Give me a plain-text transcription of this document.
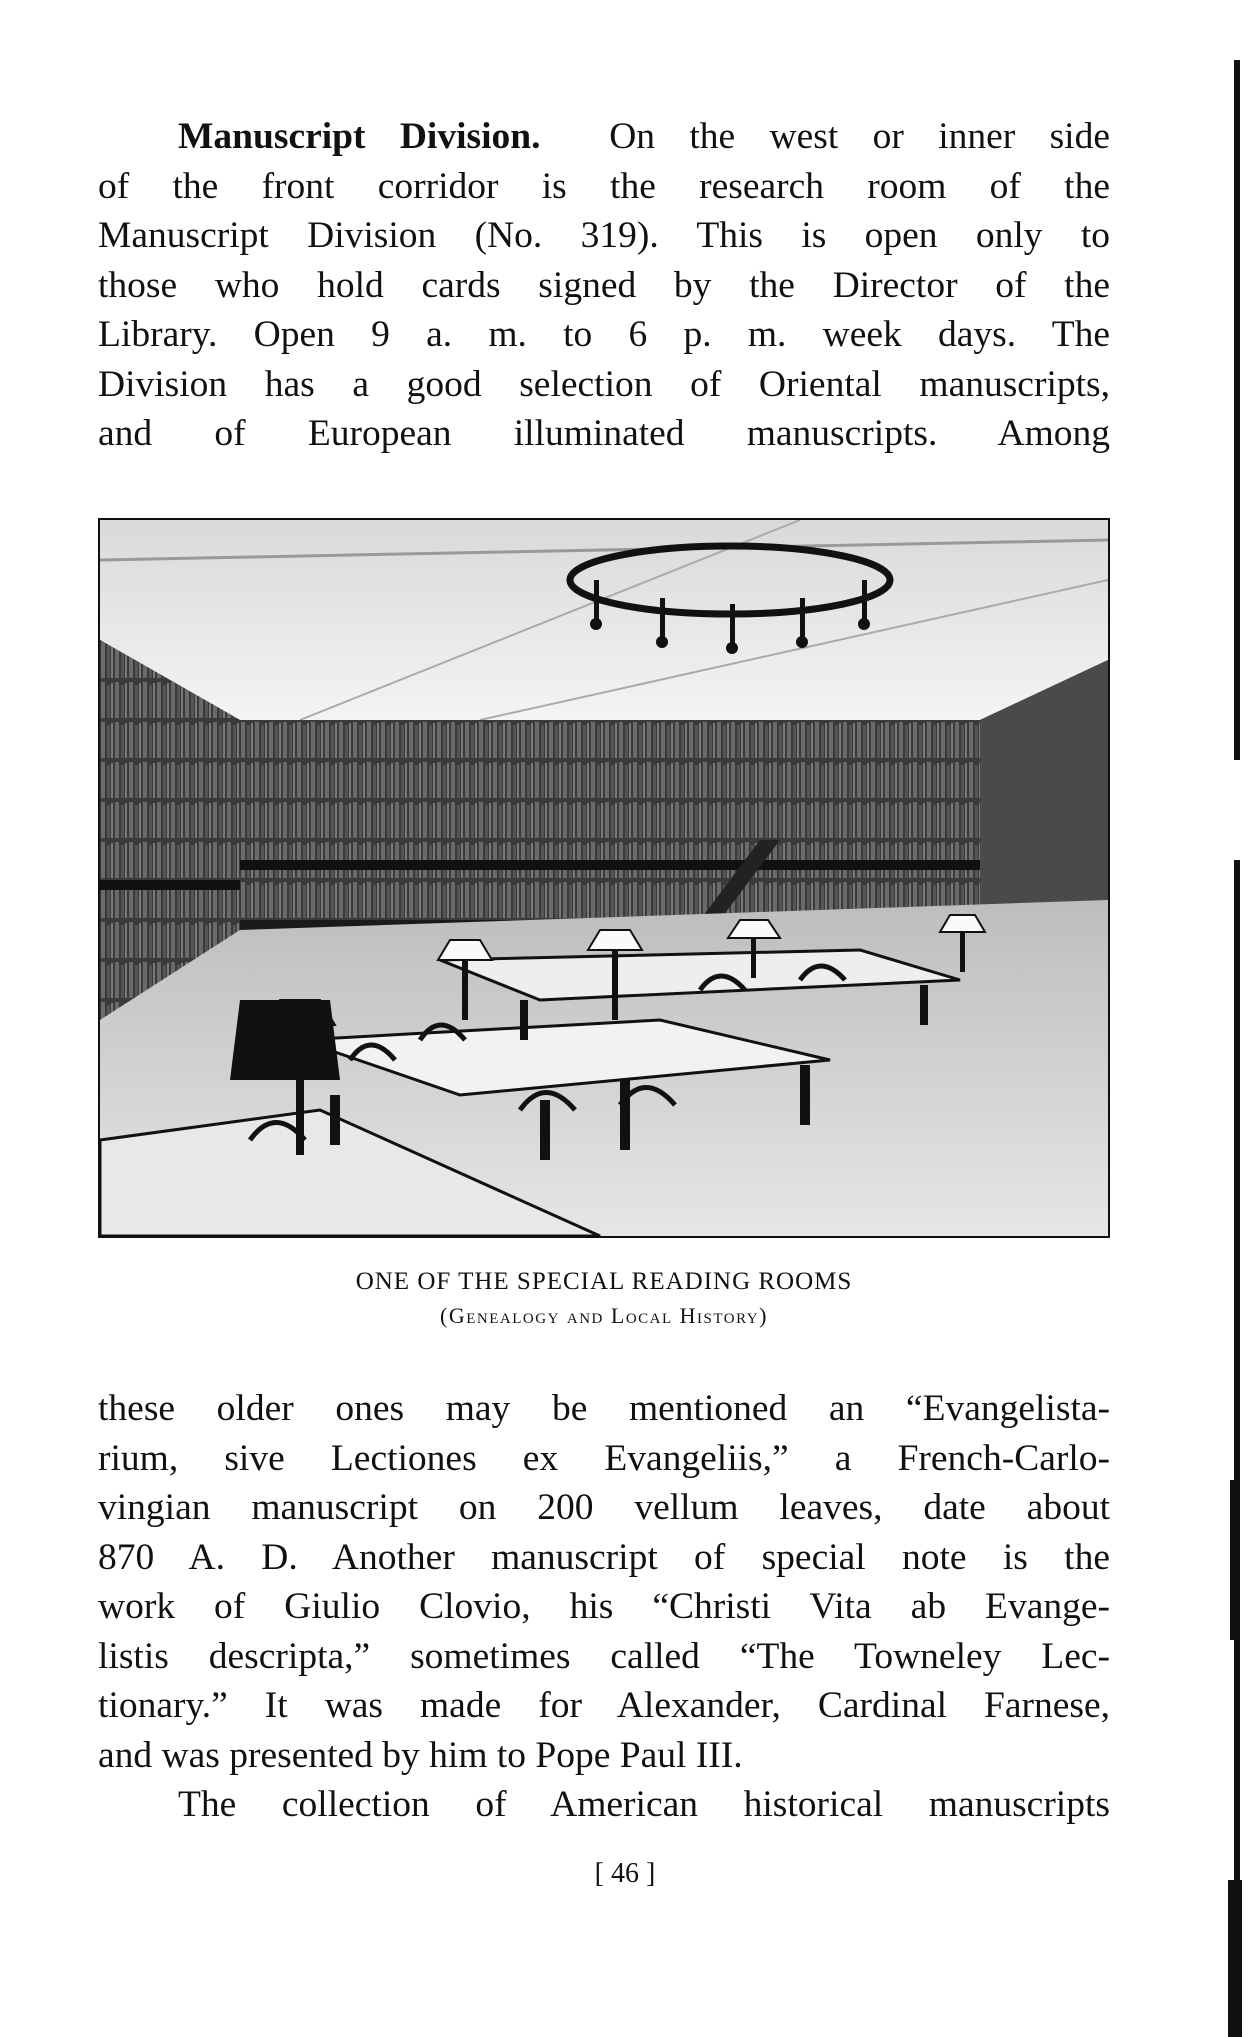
Manuscript Division. On the west or inner side
of the front corridor is the research room of the
Manuscript Division (No. 319). This is open only to
those who hold cards signed by the Director of the
Library. Open 9 a. m. to 6 p. m. week days. The
Division has a good selection of Oriental manuscripts,
and of European illuminated manuscripts. Among

ONE OF THE SPECIAL READING ROOMS

(Genealogy and Local History)

these older ones may be mentioned an “Evangelista-
rium, sive Lectiones ex Evangeliis,” a French-Carlo-
vingian manuscript on 200 vellum leaves, date about
870 A. D. Another manuscript of special note is the
work of Giulio Clovio, his “Christi Vita ab Evange-
listis descripta,” sometimes called “The Towneley Lec-
tionary.” It was made for Alexander, Cardinal Farnese,
and was presented by him to Pope Paul III.
The collection of American historical manuscripts
[ 46 ]
